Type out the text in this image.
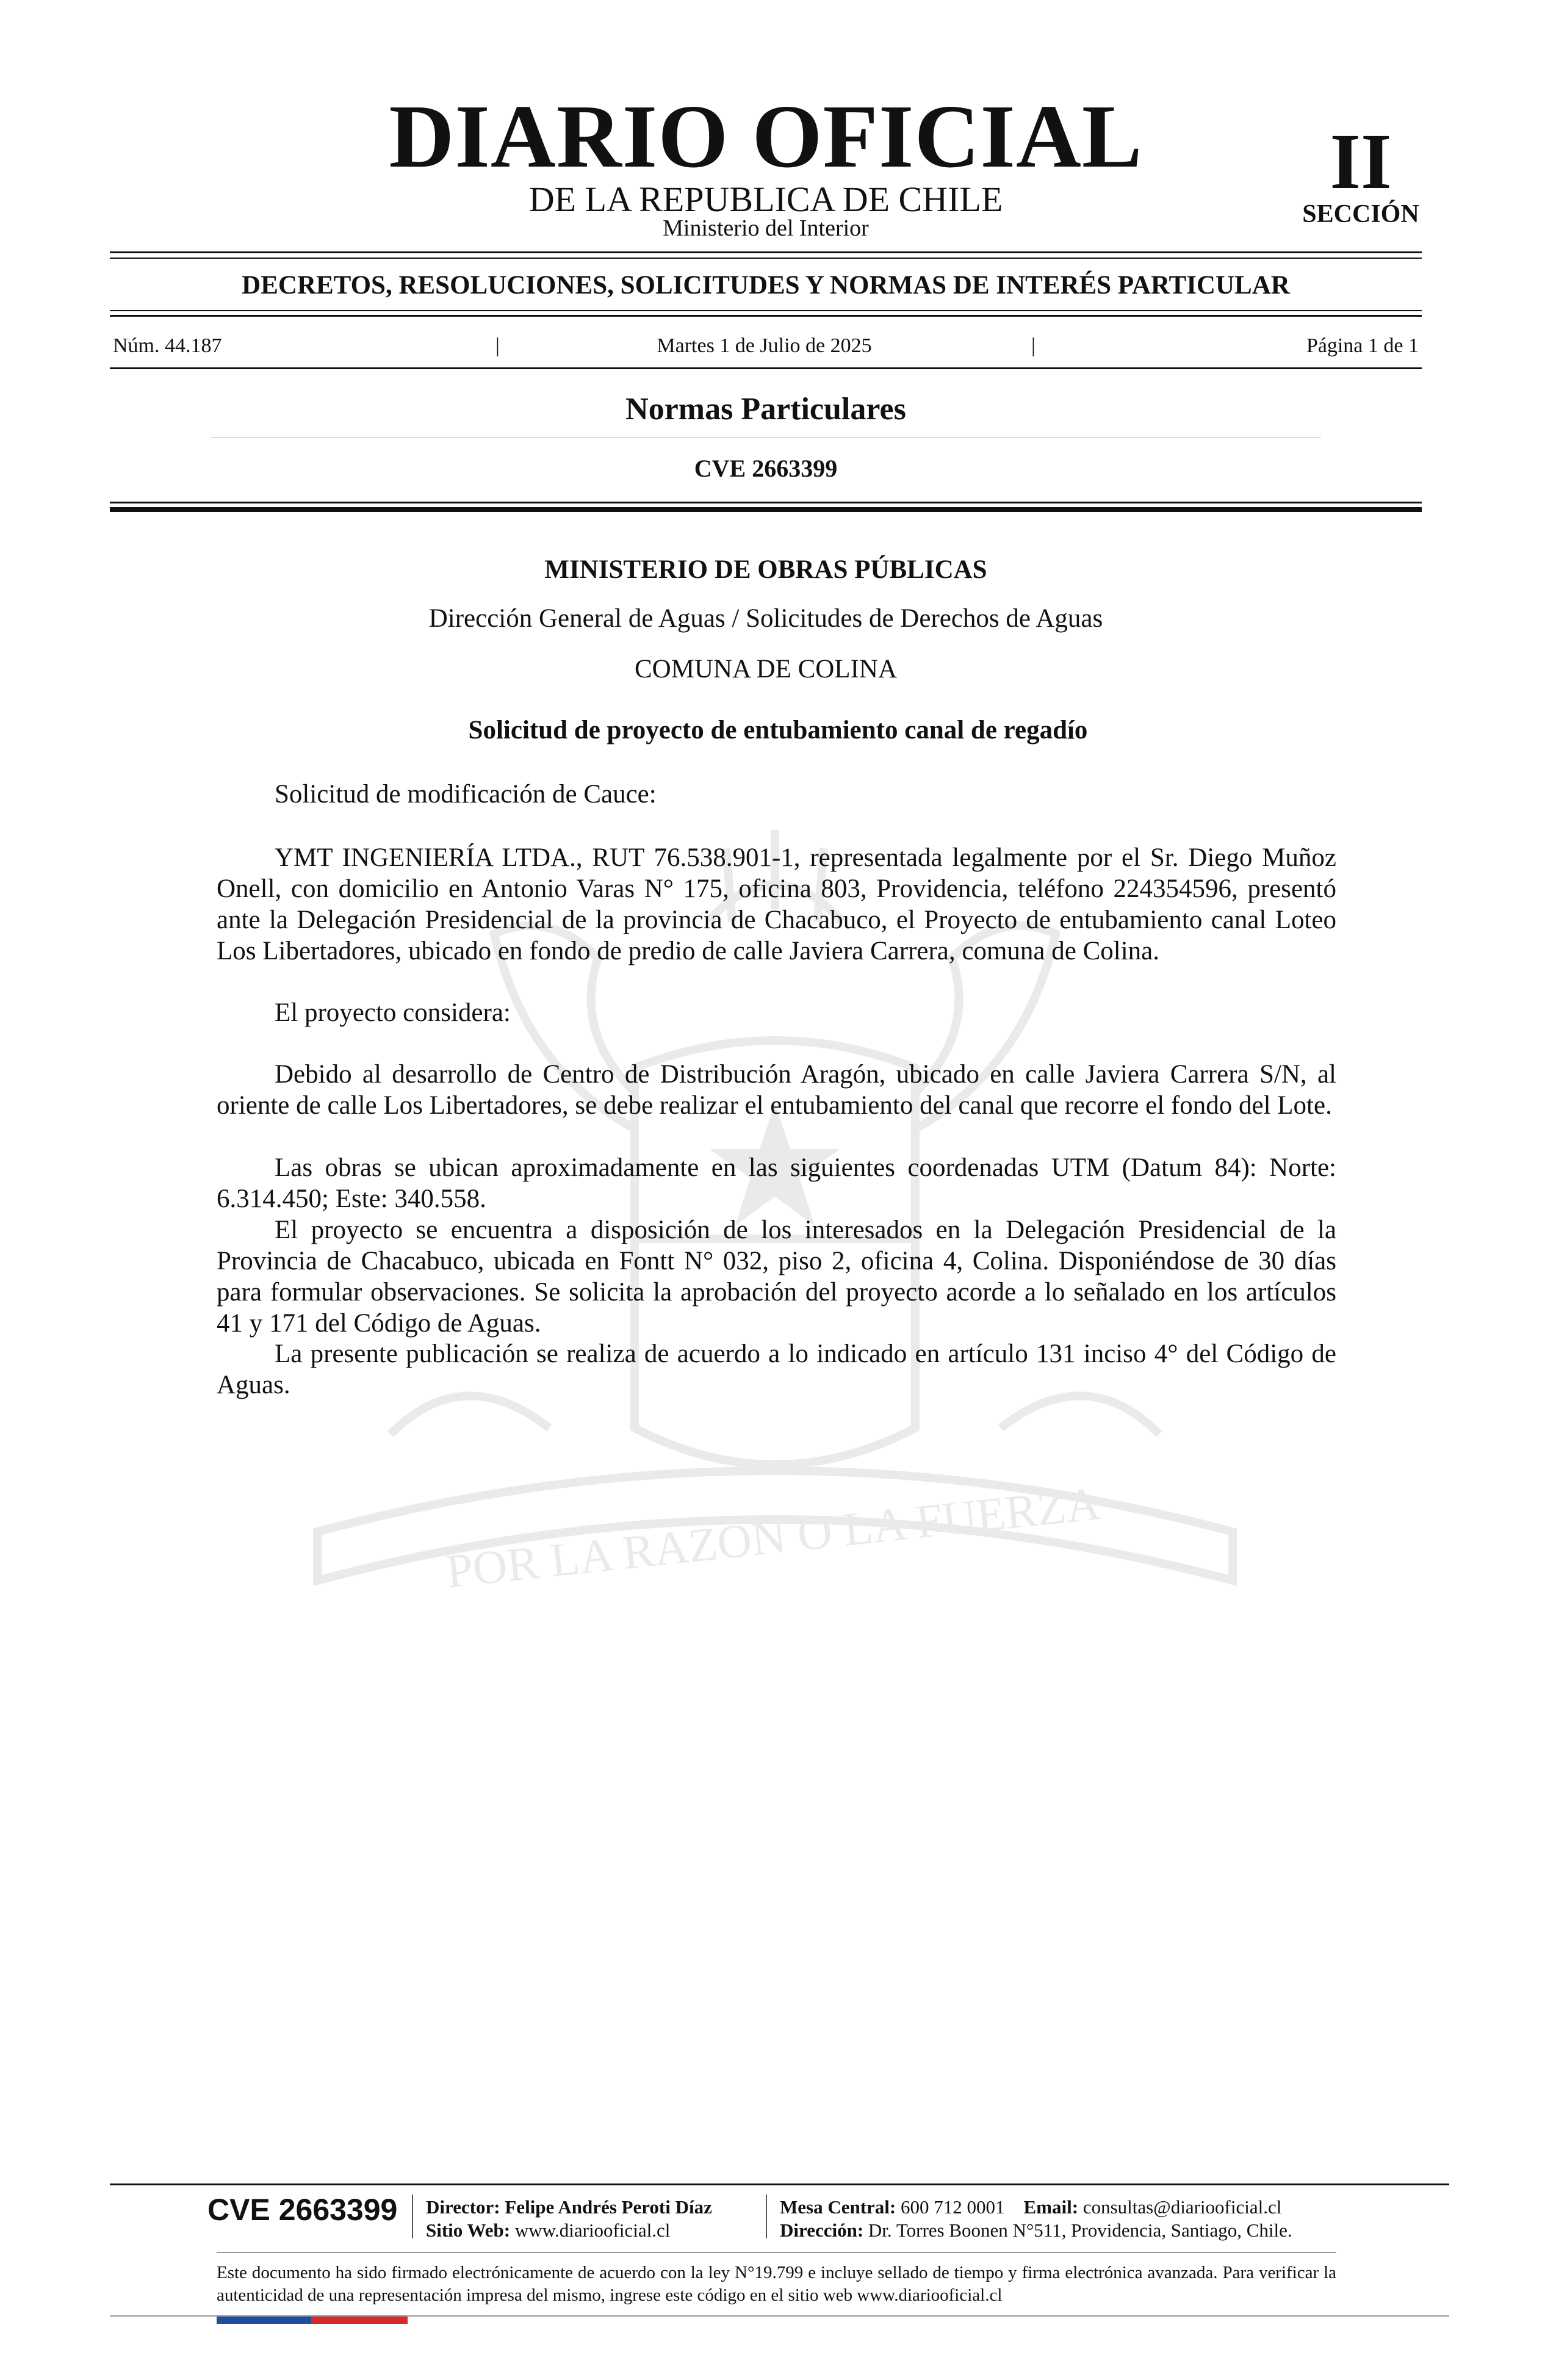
POR LA RAZÓN O LA FUERZA
DIARIO OFICIAL
DE LA REPUBLICA DE CHILE
Ministerio del Interior
II
SECCIÓN
DECRETOS, RESOLUCIONES, SOLICITUDES Y NORMAS DE INTERÉS PARTICULAR
Núm. 44.187	|	Martes 1 de Julio de 2025	|	Página 1 de 1
Normas Particulares
CVE 2663399
MINISTERIO DE OBRAS PÚBLICAS
Dirección General de Aguas / Solicitudes de Derechos de Aguas
COMUNA DE COLINA
Solicitud de proyecto de entubamiento canal de regadío
Solicitud de modificación de Cauce:
YMT INGENIERÍA LTDA., RUT 76.538.901-1, representada legalmente por el Sr. Diego Muñoz Onell, con domicilio en Antonio Varas N° 175, oficina 803, Providencia, teléfono 224354596, presentó ante la Delegación Presidencial de la provincia de Chacabuco, el Proyecto de entubamiento canal Loteo Los Libertadores, ubicado en fondo de predio de calle Javiera Carrera, comuna de Colina.
El proyecto considera:
Debido al desarrollo de Centro de Distribución Aragón, ubicado en calle Javiera Carrera S/N, al oriente de calle Los Libertadores, se debe realizar el entubamiento del canal que recorre el fondo del Lote.
Las obras se ubican aproximadamente en las siguientes coordenadas UTM (Datum 84): Norte: 6.314.450; Este: 340.558.
El proyecto se encuentra a disposición de los interesados en la Delegación Presidencial de la Provincia de Chacabuco, ubicada en Fontt N° 032, piso 2, oficina 4, Colina. Disponiéndose de 30 días para formular observaciones. Se solicita la aprobación del proyecto acorde a lo señalado en los artículos 41 y 171 del Código de Aguas.
La presente publicación se realiza de acuerdo a lo indicado en artículo 131 inciso 4° del Código de Aguas.
CVE 2663399 Director: Felipe Andrés Peroti Díaz
Sitio Web: www.diariooficial.cl
Mesa Central: 600 712 0001 Email: consultas@diariooficial.cl
Dirección: Dr. Torres Boonen N°511, Providencia, Santiago, Chile.
Este documento ha sido firmado electrónicamente de acuerdo con la ley N°19.799 e incluye sellado de tiempo y firma electrónica avanzada. Para verificar la autenticidad de una representación impresa del mismo, ingrese este código en el sitio web www.diariooficial.cl
